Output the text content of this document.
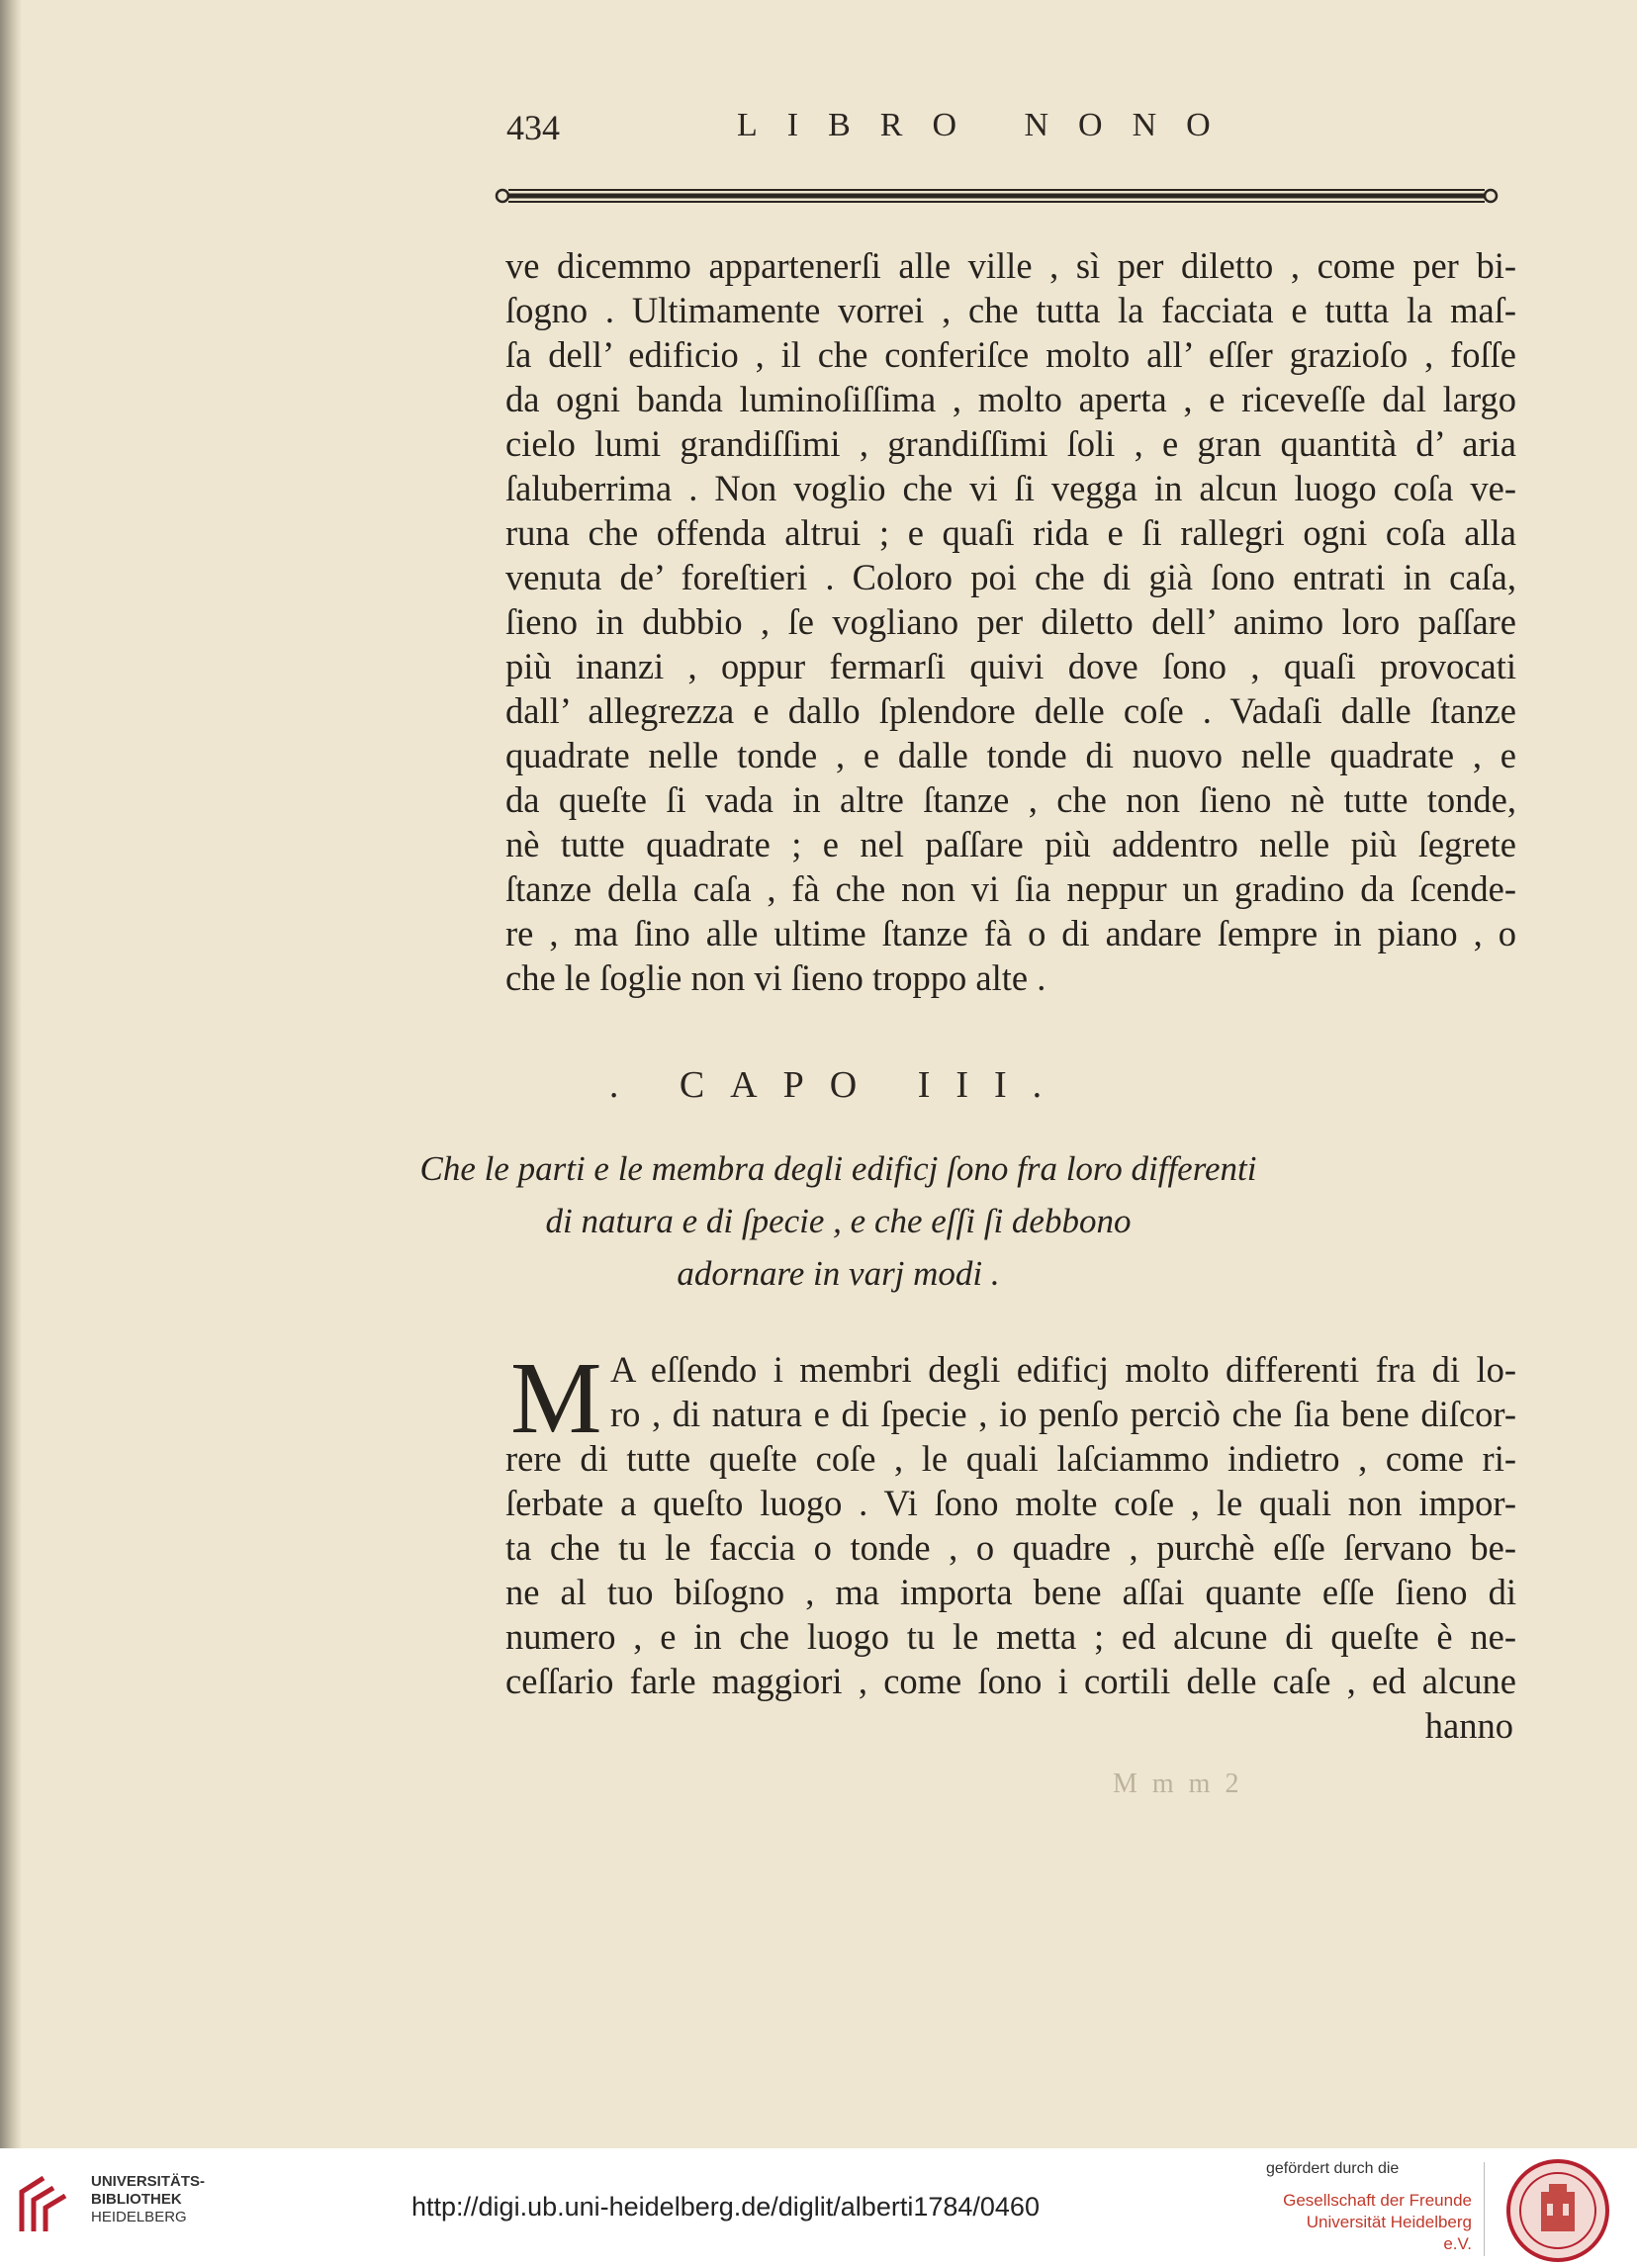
434	LIBRO NONO
ve dicemmo appartenerſi alle ville , sì per diletto , come per bi-
ſogno . Ultimamente vorrei , che tutta la facciata e tutta la maſ-
ſa dell’ edificio , il che conferiſce molto all’ eſſer grazioſo , foſſe
da ogni banda luminoſiſſima , molto aperta , e riceveſſe dal largo
cielo lumi grandiſſimi , grandiſſimi ſoli , e gran quantità d’ aria
ſaluberrima . Non voglio che vi ſi vegga in alcun luogo coſa ve-
runa che offenda altrui ; e quaſi rida e ſi rallegri ogni coſa alla
venuta de’ foreſtieri . Coloro poi che di già ſono entrati in caſa,
ſieno in dubbio , ſe vogliano per diletto dell’ animo loro paſſare
più inanzi , oppur fermarſi quivi dove ſono , quaſi provocati
dall’ allegrezza e dallo ſplendore delle coſe . Vadaſi dalle ſtanze
quadrate nelle tonde , e dalle tonde di nuovo nelle quadrate , e
da queſte ſi vada in altre ſtanze , che non ſieno nè tutte tonde,
nè tutte quadrate ; e nel paſſare più addentro nelle più ſegrete
ſtanze della caſa , fà che non vi ſia neppur un gradino da ſcende-
re , ma ſino alle ultime ſtanze fà o di andare ſempre in piano , o
che le ſoglie non vi ſieno troppo alte .
. CAPO III.
Che le parti e le membra degli edificj ſono fra loro differenti
di natura e di ſpecie , e che eſſi ſi debbono
adornare in varj modi .
M A eſſendo i membri degli edificj molto differenti fra di lo-
ro , di natura e di ſpecie , io penſo perciò che ſia bene diſcor-
rere di tutte queſte coſe , le quali laſciammo indietro , come ri-
ſerbate a queſto luogo . Vi ſono molte coſe , le quali non impor-
ta che tu le faccia o tonde , o quadre , purchè eſſe ſervano be-
ne al tuo biſogno , ma importa bene aſſai quante eſſe ſieno di
numero , e in che luogo tu le metta ; ed alcune di queſte è ne-
ceſſario farle maggiori , come ſono i cortili delle caſe , ed alcune
hanno
M m m 2
UNIVERSITÄTS-
BIBLIOTHEK
HEIDELBERG	http://digi.ub.uni-heidelberg.de/diglit/alberti1784/0460
gefördert durch die
Gesellschaft der Freunde
Universität Heidelberg e.V.
